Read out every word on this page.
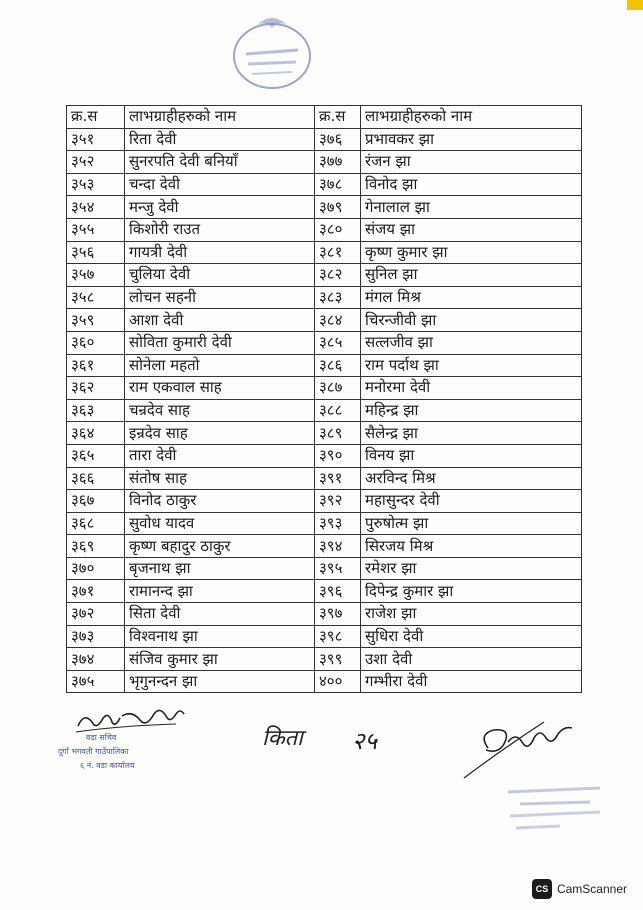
क्र.स	लाभग्राहीहरुको नाम	क्र.स	लाभग्राहीहरुको नाम
३५१	रिता देवी	३७६	प्रभावकर झा
३५२	सुनरपति देवी बनियाँ	३७७	रंजन झा
३५३	चन्दा देवी	३७८	विनोद झा
३५४	मन्जु देवी	३७९	गेनालाल झा
३५५	किशोरी राउत	३८०	संजय झा
३५६	गायत्री देवी	३८१	कृष्ण कुमार झा
३५७	चुलिया देवी	३८२	सुनिल झा
३५८	लोचन सहनी	३८३	मंगल मिश्र
३५९	आशा देवी	३८४	चिरन्जीवी झा
३६०	सोविता कुमारी देवी	३८५	सत्लजीव झा
३६१	सोनेला महतो	३८६	राम पर्दाथ झा
३६२	राम एकवाल साह	३८७	मनोरमा देवी
३६३	चन्रदेव साह	३८८	महिन्द्र झा
३६४	इन्रदेव साह	३८९	सैलेन्द्र झा
३६५	तारा देवी	३९०	विनय झा
३६६	संतोष साह	३९१	अरविन्द मिश्र
३६७	विनोद ठाकुर	३९२	महासुन्दर देवी
३६८	सुवोध यादव	३९३	पुरुषोत्म झा
३६९	कृष्ण बहादुर ठाकुर	३९४	सिरजय मिश्र
३७०	बृजनाथ झा	३९५	रमेशर झा
३७१	रामानन्द झा	३९६	दिपेन्द्र कुमार झा
३७२	सिता देवी	३९७	राजेश झा
३७३	विश्वनाथ झा	३९८	सुधिरा देवी
३७४	संजिव कुमार झा	३९९	उशा देवी
३७५	भृगुनन्दन झा	४००	गम्भीरा देवी
वडा सचिव
दुर्गा भगवती गाउँपालिका
६ नं. वडा कार्यालय
किता २५
CS CamScanner
